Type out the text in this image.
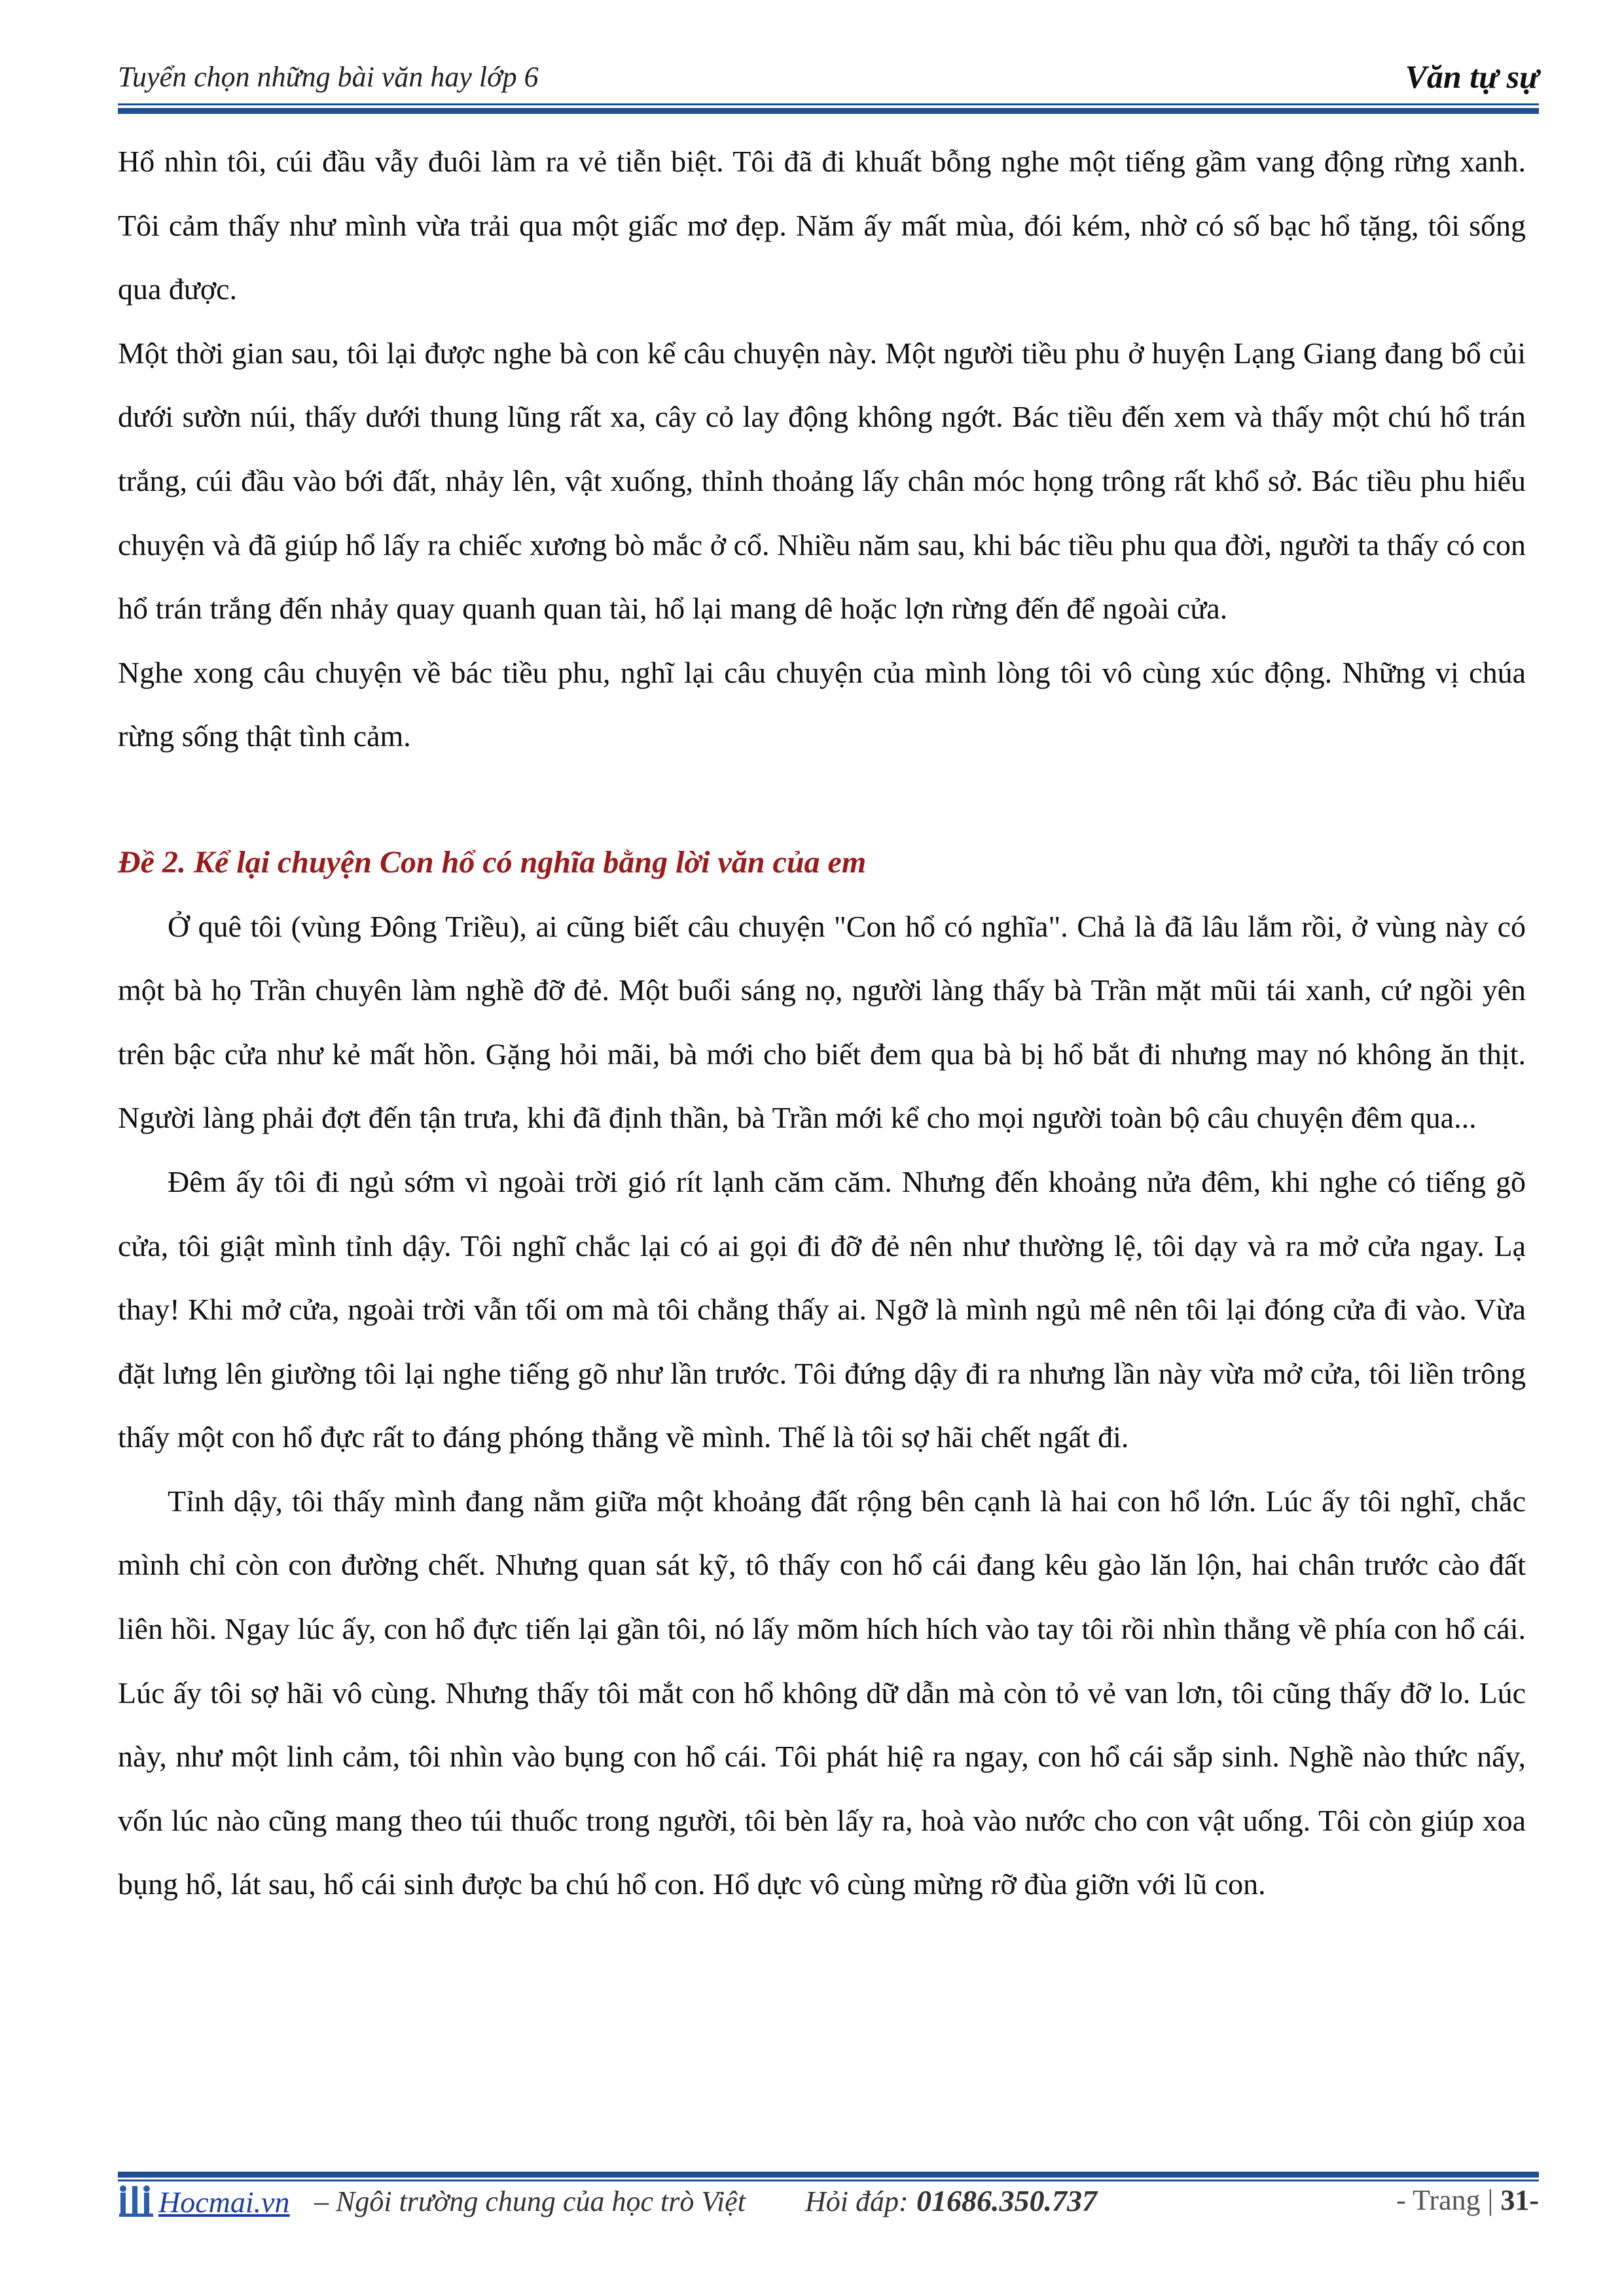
Tuyển chọn những bài văn hay lớp 6	Văn tự sự

Hổ nhìn tôi, cúi đầu vẫy đuôi làm ra vẻ tiễn biệt. Tôi đã đi khuất bỗng nghe một tiếng gầm vang động rừng xanh. Tôi cảm thấy như mình vừa trải qua một giấc mơ đẹp. Năm ấy mất mùa, đói kém, nhờ có số bạc hổ tặng, tôi sống qua được.

Một thời gian sau, tôi lại được nghe bà con kể câu chuyện này. Một người tiều phu ở huyện Lạng Giang đang bổ củi dưới sườn núi, thấy dưới thung lũng rất xa, cây cỏ lay động không ngớt. Bác tiều đến xem và thấy một chú hổ trán trắng, cúi đầu vào bới đất, nhảy lên, vật xuống, thỉnh thoảng lấy chân móc họng trông rất khổ sở. Bác tiều phu hiểu chuyện và đã giúp hổ lấy ra chiếc xương bò mắc ở cổ. Nhiều năm sau, khi bác tiều phu qua đời, người ta thấy có con hổ trán trắng đến nhảy quay quanh quan tài, hổ lại mang dê hoặc lợn rừng đến để ngoài cửa.

Nghe xong câu chuyện về bác tiều phu, nghĩ lại câu chuyện của mình lòng tôi vô cùng xúc động. Những vị chúa rừng sống thật tình cảm.

Đề 2. Kể lại chuyện Con hổ có nghĩa bằng lời văn của em

Ở quê tôi (vùng Đông Triều), ai cũng biết câu chuyện "Con hổ có nghĩa". Chả là đã lâu lắm rồi, ở vùng này có một bà họ Trần chuyên làm nghề đỡ đẻ. Một buổi sáng nọ, người làng thấy bà Trần mặt mũi tái xanh, cứ ngồi yên trên bậc cửa như kẻ mất hồn. Gặng hỏi mãi, bà mới cho biết đem qua bà bị hổ bắt đi nhưng may nó không ăn thịt. Người làng phải đợt đến tận trưa, khi đã định thần, bà Trần mới kể cho mọi người toàn bộ câu chuyện đêm qua...

Đêm ấy tôi đi ngủ sớm vì ngoài trời gió rít lạnh căm căm. Nhưng đến khoảng nửa đêm, khi nghe có tiếng gõ cửa, tôi giật mình tỉnh dậy. Tôi nghĩ chắc lại có ai gọi đi đỡ đẻ nên như thường lệ, tôi dạy và ra mở cửa ngay. Lạ thay! Khi mở cửa, ngoài trời vẫn tối om mà tôi chẳng thấy ai. Ngỡ là mình ngủ mê nên tôi lại đóng cửa đi vào. Vừa đặt lưng lên giường tôi lại nghe tiếng gõ như lần trước. Tôi đứng dậy đi ra nhưng lần này vừa mở cửa, tôi liền trông thấy một con hổ đực rất to đáng phóng thẳng về mình. Thế là tôi sợ hãi chết ngất đi.

Tỉnh dậy, tôi thấy mình đang nằm giữa một khoảng đất rộng bên cạnh là hai con hổ lớn. Lúc ấy tôi nghĩ, chắc mình chỉ còn con đường chết. Nhưng quan sát kỹ, tô thấy con hổ cái đang kêu gào lăn lộn, hai chân trước cào đất liên hồi. Ngay lúc ấy, con hổ đực tiến lại gần tôi, nó lấy mõm hích hích vào tay tôi rồi nhìn thẳng về phía con hổ cái. Lúc ấy tôi sợ hãi vô cùng. Nhưng thấy tôi mắt con hổ không dữ dẫn mà còn tỏ vẻ van lơn, tôi cũng thấy đỡ lo. Lúc này, như một linh cảm, tôi nhìn vào bụng con hổ cái. Tôi phát hiệ ra ngay, con hổ cái sắp sinh. Nghề nào thức nấy, vốn lúc nào cũng mang theo túi thuốc trong người, tôi bèn lấy ra, hoà vào nước cho con vật uống. Tôi còn giúp xoa bụng hổ, lát sau, hổ cái sinh được ba chú hổ con. Hổ dực vô cùng mừng rỡ đùa giỡn với lũ con.

Hocmai.vn – Ngôi trường chung của học trò Việt Hỏi đáp: 01686.350.737	- Trang | 31-
